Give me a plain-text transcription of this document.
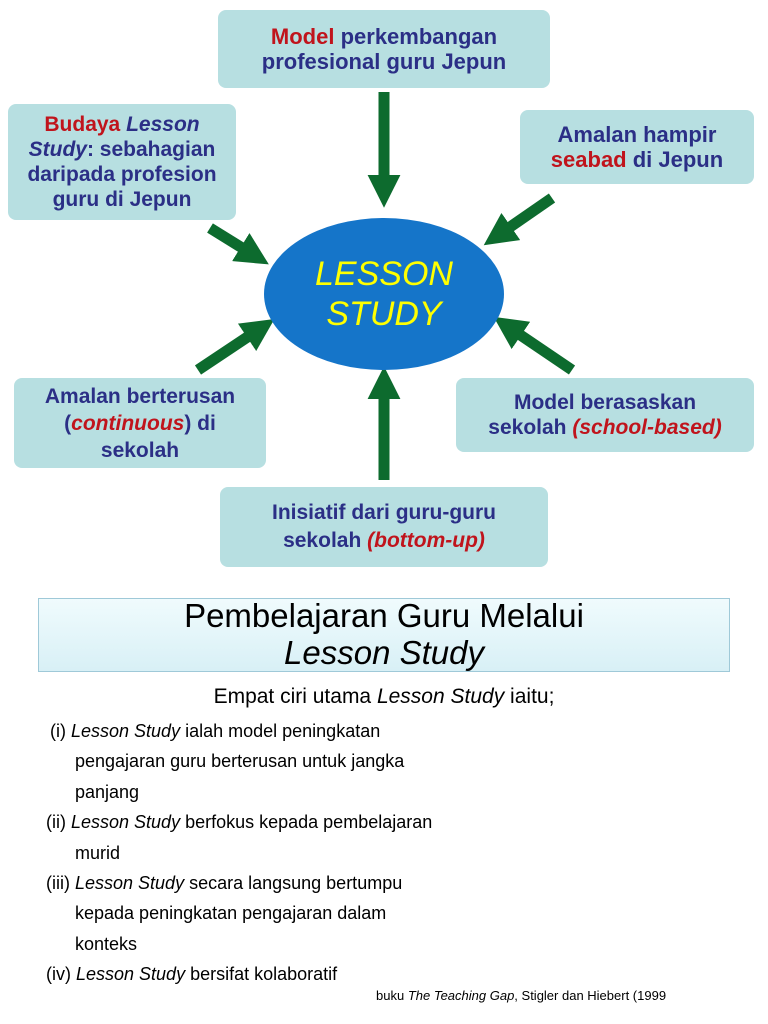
Model perkembangan
profesional guru Jepun
Budaya Lesson
Study: sebahagian
daripada profesion
guru di Jepun
Amalan hampir
seabad di Jepun
LESSON
STUDY
Amalan berterusan
(continuous) di
sekolah
Model berasaskan
sekolah (school-based)
Inisiatif dari guru-guru
sekolah (bottom-up)
Pembelajaran Guru Melalui
Lesson Study
Empat ciri utama Lesson Study iaitu;
(i) Lesson Study ialah model peningkatan
pengajaran guru berterusan untuk jangka
panjang
(ii) Lesson Study berfokus kepada pembelajaran
murid
(iii) Lesson Study secara langsung bertumpu
kepada peningkatan pengajaran dalam
konteks
(iv) Lesson Study bersifat kolaboratif
buku The Teaching Gap, Stigler dan Hiebert (1999
